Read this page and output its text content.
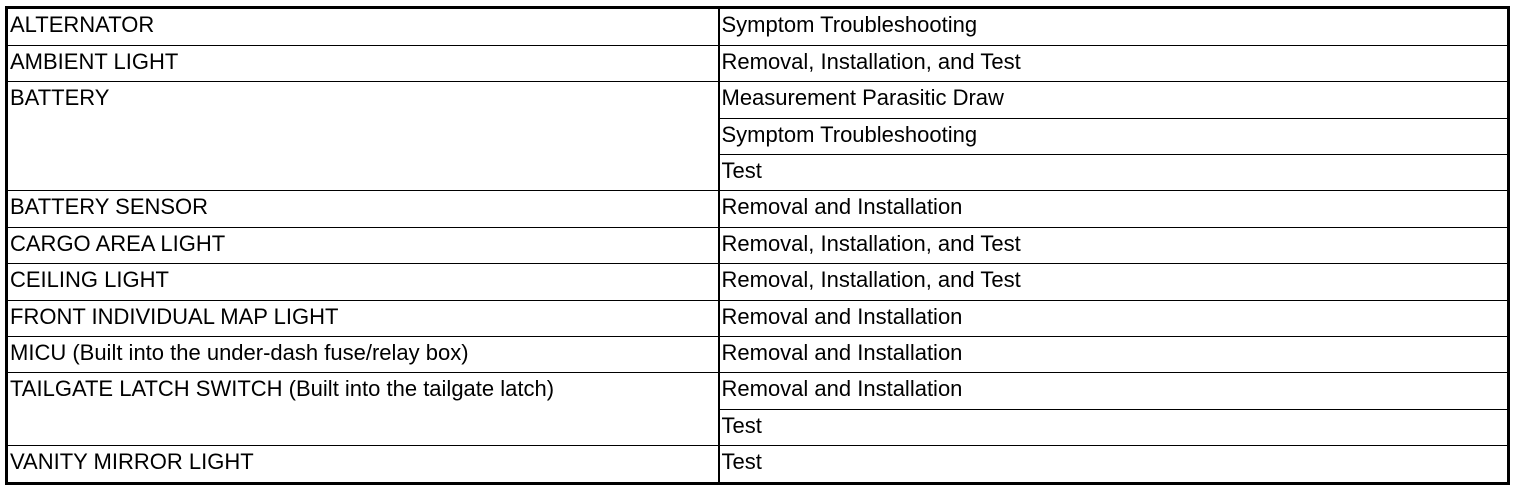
ALTERNATOR	Symptom Troubleshooting
AMBIENT LIGHT	Removal, Installation, and Test
BATTERY	Measurement Parasitic Draw
	Symptom Troubleshooting
	Test
BATTERY SENSOR	Removal and Installation
CARGO AREA LIGHT	Removal, Installation, and Test
CEILING LIGHT	Removal, Installation, and Test
FRONT INDIVIDUAL MAP LIGHT	Removal and Installation
MICU (Built into the under-dash fuse/relay box)	Removal and Installation
TAILGATE LATCH SWITCH (Built into the tailgate latch)	Removal and Installation
	Test
VANITY MIRROR LIGHT	Test
